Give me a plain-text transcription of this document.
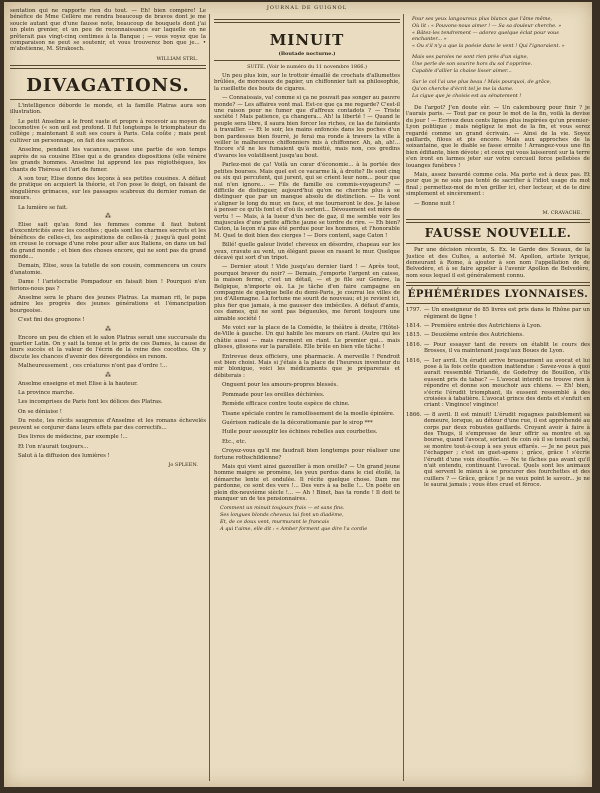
JOURNAL DE GUIGNOL

sentation qui ne rapporte rien du tout. — Eh! bien compère! Le bénéfice de Mme Cellère me rendra beaucoup de bravos dont je me soucie autant que d'une fausse note, beaucoup de bouquets dont j'ai un plein grenier, et un peu de reconnaissance sur laquelle on ne prêterait pas vingt-cinq centimes à la Banque ; — vous voyez que la comparaison ne peut se soutenir, et vous trouverez bon que je... • m'abstienne, M. Strakosch.

WILLIAM STRL.
DIVAGATIONS.

L'intelligence déborde le monde, et la famille Platras aura son illustration.

Le petit Anselme a le front vaste et propre à recevoir au moyen de locomotive (« son œil est profond. Il fut longtemps le triomphateur du collège ; maintenant il suit ses cours à Paris. Cela coûte ; mais peut cultiver un personnage, on fait des sacrifices.

Anselme, pendant les vacances, passe une partie de son temps auprès de sa cousine Elise qui a de grandes dispositions (elle vénère les grands hommes. Anselme lui apprend les pas régiothéques, les chants de Théresa et l'art de fumer.

A son tour, Elise donne des leçons à ses petites cousines. A défaut de pratique on acquiert la théorie, et l'on pose le doigt, on faisant de singulières grimaces, sur les passages scabreux du dernier roman de mœurs.

La lumière se fait.

⁂

Elise sait qu'au fond les femmes comme il faut butent d'excentricités avec les cocottes ; quels sont les charmes secrets et les bénéfices de celles-ci, les aspirations de celles-là ; jusqu'à quel point on creuse le corsage d'une robe pour aller aux Italiens, on dans un bal du grand monde ; et bien des choses encore, qui ne sont pas du grand monde...

Demain, Elise, sous la tutelle de son cousin, commencera un cours d'anatomie.

Dame ! l'aristocratie Pompadour en faisait bien ! Pourquoi n'en ferions-nous pas ?

Anselme sera le phare des jeunes Platras. La maman rit, le papa admire les progrès des jeunes générations et l'émancipation bourgeoise.

C'est fini des grognons !

⁂

Encore un peu de chien et le salon Platras serait une succursale du quartier Latin. On y sait la tenue et le prix de ces Dames, la cause de leurs succès et la valeur de l'écrin de la reine des cocottes. On y discute les chances d'avenir des dévergondées en renom.

Malheureusement , ces créatures n'ont pas d'ordre !...

⁂

Anselme enseigne et met Elise à la hauteur.

La province marche.

Les incomprises de Paris font les délices des Platras.

On se déniaise !

Du reste, les récits saugrenus d'Anselme et les romans échevelés peuvent se conjurer dans leurs effets par des correctifs...

Des livres de médecine, par exemple !...

Et l'on n'aurait toujours...

Salut à la diffusion des lumières !

Jo SPLEEN.
MINUIT
(Boutade nocturne.)

SUITE. (Voir le numéro du 11 novembre 1866.)

Un peu plus loin, sur le trottoir émaillé de crochats d'allumettes brûlées, de morceaux de papier, un chiffonnier tait sa philosophie, la cueillette des bouts de cigares.

— Connaissais, va! comme si ça ne pouvait pas songer au pauvre monde? — Les affaires vont mal. Est-ce que ça me regarde? C'est-il une raison pour ne fumer que d'affreux contadots ? — Triste société ! Mais patience, ça changera... Ah! la liberté ! — Quand le peuple sera libre, il saura bien forcer les riches, ce las de fainéants à travailler. — Et le soir, les mains enfoncés dans les poches d'un bon pardessus bien fourré, je ferai ma ronde à travers la ville à veiller le malheureux chiffonniers mis à chiffonner. Ah, ah, ah!... Encore s'il ne les fumaient qu'à moitié, mais non, ces gredins d'avares les volatilisent jusqu'au bout.

Parlez-moi de ça! Voilà un cœur d'économie... à la portée des petites bourses. Mais quel est ce vacarme là, à droite? Ils sont cinq ou six qui percutent, qui jurent, qui se crient leur nom... pour que nul n'en ignore... — Fils de famille ou commis-voyageurs? — difficile de distinguer, aujourd'hui qu'on ne cherche plus à se distinguer que par un manque absolu de distinction. — Ils vont s'aligner le long du mur, en face, et me tourneront le dos. Je laisse à penser ce qu'ils font et d'où ils sortent... Dévouement est mère de vertu ! — Mais, à la lueur d'un bec de gaz, il me semble voir les majuscules d'une petite affiche jaune se tordre de rire. — Eh bien? Caton, la leçon n'a pas été perdue pour les hommes, et l'honorable M. Quel te doit bien des cierges ! — Dors content, sage Caton !

Billé! quelle galeur livide! cheveux en désordre, chapeau sur les yeux, cravate au vent, un élégant passe en rasant le mur. Quelque décavé qui sort d'un tripot.

— Dernier atout ! Vide jusqu'au dernier liard ! — Après tout, pourquoi braver du noir? — Demain, j'emporte l'argent en caisse, la maison ferme, c'est un détail, — et je file sur Genève, la Belgique, n'importe où. La je tâche d'en faire campagne en compagnie de quelque belle du demi-Paris, je courrai les villes de jeu d'Allemagne. La fortune me sourit de nouveau; et je revient ici, plus fier que jamais, à me gausser des imbéciles. A défaut d'amis, ces dames, qui ne sont pas bégueules, me feront toujours une aimable société !

Me voici sur la place de la Comédie, le théâtre à droite, l'Hôtel-de-Ville à gauche. Un qui habile les mœurs en riant. (Autre qui les châtie aussi — mais rarement en riant. Le premier qui... mais glisses, glissons sur la parallèle. Elle brûle en bien vile tâche !

Entrevue deux officiers, une pharmacie. A merveille ! Fendroit est bien choisi. Mais si j'étais à la place de l'heureux inventeur du mir blonigue, voici les médicaments que je préparerais et débiterais :

Onguent pour les amours-propres blessés.

Pommade pour les oreilles déchirées.

Remède efficace contre toute espèce de chine.

Tisane spéciale contre le ramollissement de la moelle épinière.

Guérison radicale de la décoratiomanie par le sirop ***

Huile pour assouplir les échines rebelles aux courbettes.

Etc., etc.

Croyez-vous qu'il me faudrait bien longtemps pour réaliser une fortune rothschildienne?

Mais qui vient ainsi gazouiller à mon oreille? — Un grand jeune homme maigre se promène, les yeux perdus dans le ciel étoilé, la démarche lente et ondulée. Il récite quelque chose. Dam me pardonne, ce sont des vers !... Des vers à sa belle !... Un poète en plein dix-neuvième siècle !... — Ah ! Binet, bas ta ronde ! Il doit te manquer un de tes pensionnaires.

Comment un minuit toujours frais — et sans fins.
Ses longues blonds cheveux lui font un diadème,
Et, de ce doux vent, murmurant le francais
A qui t'aime, elle dit : « Amber forment que dire l'a cordie
Pour ses yeux langoureux plus blancs que l'âme même,
Où lit : « Pouvons-nous aimer ! — Sa sa douleur cherche. »
« Bâtez-les tendrement — adorez quelque éclat pour vous enchanter... »
« Ou s'il n'y a que la poésie dans le vent ! Qui l'ignoraient. »
Mais ses paroles ne sont rien près d'un signe,
Une perle de son sourire hors du sol t'opprime.
Capable d'allier la chaise lisser aimer...
Sur le col l'ai une plus beau ! Mais pourquoi, de grâce,
Qu'on cherche d'écrit tel je me la dame.
La cigue que je choisis est au sénatement !

De l'argot? J'en doute sûr. — Un calembourg pour finir ? je l'aurais paris. — Tout par ce pour le mot de la fin, voilà la devise du jour ! — Ecrivez deux cents lignes plus inspirées qu'un premier-Lyon politique ; mais négligez le mot de la fin, et vous serez regardé comme un grand écrivain. — Ainsi de la vie. Soyez gaillards, filous et pis encore. Mais aux approches de la soixantaine, que le diable se fasse ermite ! Arrangez-vous une fin bien édifiante, bien dévote ; et ceux qui vous laisseront sur la terre s'en iront en larmes jeter sur votre cercueil force pelletées de louanges funèbres !

Mais, assez bavardé comme cela. Ma porte est à deux pas. Et pour que je ne sois pas tenté de sacrifier à l'idiot usage du mot final ; permettez-moi de m'en griller ici, cher lecteur, et de te dire simplement et sincèrement :

— Bonne nuit !

M. CRAVACHE.
FAUSSE NOUVELLE.

Par une décision récente, S. Ex. le Garde des Sceaux, de la Justice et des Cultes, a autorisé M. Apollon, artiste lyrique, demeurant à Rome, à ajouter à son nom l'appellation de de Belvedère, et à se faire appeler à l'avenir Apollon de Belvedère, nom sous lequel il est généralement connu.

ÉPHÉMÉRIDES LYONNAISES.
1797. — Un enseigneur de 85 livres est pris dans le Rhône par un régiment de ligne !
1814. — Première entrée des Autrichiens à Lyon.
1815. — Deuxième entrée des Autrichiens.
1816. — Pour essayer tant de revers on établit le cours des Brosses, il va maintenant jusqu'aux Boues de Lyon.
1816, — 1er avril. Un érudit arrive brusquement au avocat et lui pose à la fois cette question inattendue : Savez-vous à quoi aurait ressemblé Tiriandé, de Godefroy de Bouillon, s'ils eussent pris du tabac? — L'avocat interdit ne trouve rien à répondre et donne son mouchoir aux chiens. — Eh! bien, s'écrie l'érudit triomphant, ils eussent ressemblé à des croisées à tabatière. L'avocat grince des dents et s'enfuit en criant : Vingince! vingince!
1866. — 8 avril. Il est minuit! L'érudit regagnes paisiblement sa demeure, lorsque, au détour d'une rue, il est appréhendé au corps par deux robustes gaillards. Croyant avoir à faire à des Thugs, il s'empresse de leur offrir sa montre et sa bourse, quand l'avocat, sortant de coin où il se tenait caché, se montre tout-à-coup à ses yeux effarés. — Je ne peux pas l'échapper ; c'est un guet-apens ; grâce, grâce ! s'écrie l'érudit d'une voix étouffée. — Ne te fâches pas avant qu'il n'ait entendu, continuant l'avocat. Quels sont les animaux qui servent le mieux à se procurer des fourchettes et des cuillers ? — Grâce, grâce ! je ne veux point le savoir... je ne le saurai jamais ; vous êtes cruel et féroce.
